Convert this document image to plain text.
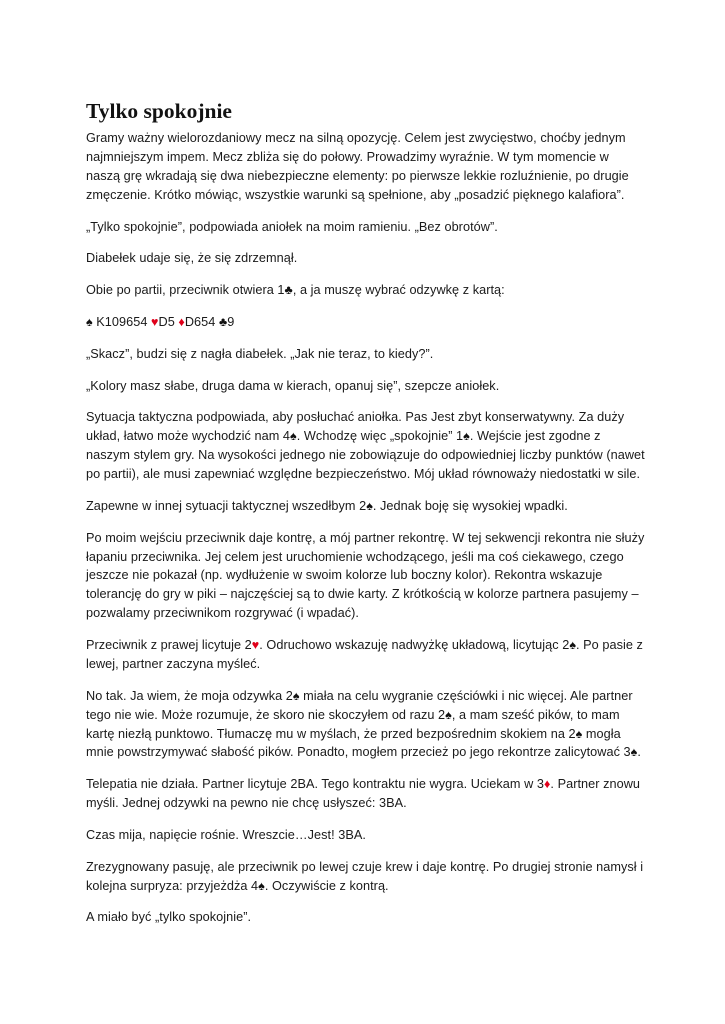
Tylko spokojnie

Gramy ważny wielorozdaniowy mecz na silną opozycję. Celem jest zwycięstwo, choćby jednym najmniejszym impem. Mecz zbliża się do połowy. Prowadzimy wyraźnie. W tym momencie w naszą grę wkradają się dwa niebezpieczne elementy: po pierwsze lekkie rozluźnienie, po drugie zmęczenie. Krótko mówiąc, wszystkie warunki są spełnione, aby „posadzić pięknego kalafiora”.

„Tylko spokojnie”, podpowiada aniołek na moim ramieniu. „Bez obrotów”.

Diabełek udaje się, że się zdrzemnął.

Obie po partii, przeciwnik otwiera 1♣, a ja muszę wybrać odzywkę z kartą:

♠ K109654 ♥D5 ♦D654 ♣9

„Skacz”, budzi się z nagła diabełek. „Jak nie teraz, to kiedy?”.

„Kolory masz słabe, druga dama w kierach, opanuj się”, szepcze aniołek.

Sytuacja taktyczna podpowiada, aby posłuchać aniołka. Pas Jest zbyt konserwatywny. Za duży układ, łatwo może wychodzić nam 4♠. Wchodzę więc „spokojnie” 1♠. Wejście jest zgodne z naszym stylem gry. Na wysokości jednego nie zobowiązuje do odpowiedniej liczby punktów (nawet po partii), ale musi zapewniać względne bezpieczeństwo. Mój układ równoważy niedostatki w sile.

Zapewne w innej sytuacji taktycznej wszedłbym 2♠. Jednak boję się wysokiej wpadki.

Po moim wejściu przeciwnik daje kontrę, a mój partner rekontrę. W tej sekwencji rekontra nie służy łapaniu przeciwnika. Jej celem jest uruchomienie wchodzącego, jeśli ma coś ciekawego, czego jeszcze nie pokazał (np. wydłużenie w swoim kolorze lub boczny kolor). Rekontra wskazuje tolerancję do gry w piki – najczęściej są to dwie karty. Z krótkością w kolorze partnera pasujemy – pozwalamy przeciwnikom rozgrywać (i wpadać).

Przeciwnik z prawej licytuje 2♥. Odruchowo wskazuję nadwyżkę układową, licytując 2♠. Po pasie z lewej, partner zaczyna myśleć.

No tak. Ja wiem, że moja odzywka 2♠ miała na celu wygranie częściówki i nic więcej. Ale partner tego nie wie. Może rozumuje, że skoro nie skoczyłem od razu 2♠, a mam sześć pików, to mam kartę niezłą punktowo. Tłumaczę mu w myślach, że przed bezpośrednim skokiem na 2♠ mogła mnie powstrzymywać słabość pików. Ponadto, mogłem przecież po jego rekontrze zalicytować 3♠.

Telepatia nie działa. Partner licytuje 2BA. Tego kontraktu nie wygra. Uciekam w 3♦. Partner znowu myśli. Jednej odzywki na pewno nie chcę usłyszeć: 3BA.

Czas mija, napięcie rośnie. Wreszcie…Jest! 3BA.

Zrezygnowany pasuję, ale przeciwnik po lewej czuje krew i daje kontrę. Po drugiej stronie namysł i kolejna surpryza: przyjeżdża 4♠. Oczywiście z kontrą.

A miało być „tylko spokojnie”.
